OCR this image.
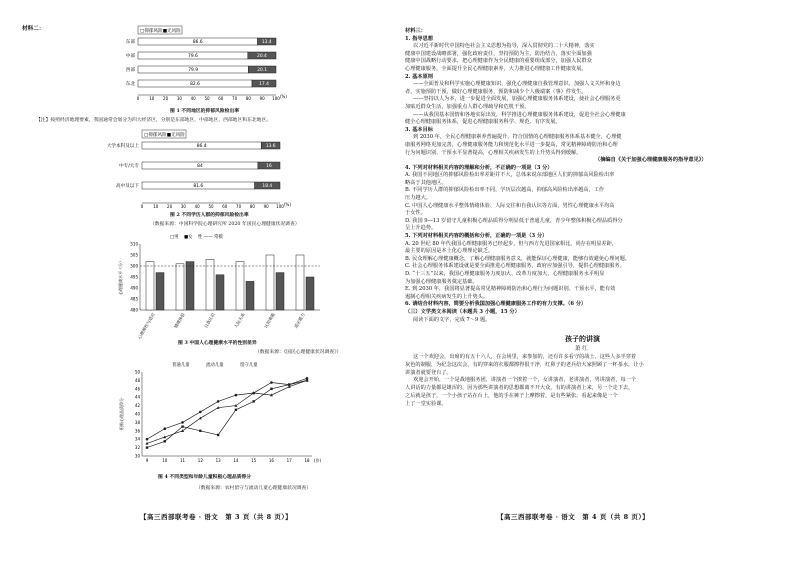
材料二：	□抑郁风险■无风险
东部	86.6	13.4
中部	79.6	20.4
西部	79.9	20.1
东北	82.6	17.4
0 10 20 30 40 50 60 70 80 90 100 (%)
图 1 不同地区的抑郁风险检出率
【注】按照经济地理要素，我国通常会划分为四大经济区，分别是东部地区、中部地区、西部地区和东北地区。
□抑郁风险■无风险
大学本科及以上	86.4	13.6
中专/大专	84	16
高中及以下	81.6	18.4
0 10 20 30 40 50 60 70 80 90 100 (%)
图 2 不同学历人群的抑郁风险检出率
（数据来源：中国科学院心理研究所 2020 年国民心理健康状况调查）
□男 ■女 性 —— 常模
480
485
490
495
500
505
510
心理健康水平（分）
心理弹性与适应	情绪体验	自我认识	人际关系	认知效能	适应能力
图 3 中国人心理健康水平的性别差异
（数据来源：《国民心理健康状况调查》）
普通儿童	流动儿童	留守儿童
30
32
34
36
38
40
42
44
46
48
50
积极心理品质得分
9	10	11	12	13	14	15	16	17	18 (岁)
图 4 不同类型和年龄儿童积极心理品质得分
（数据来源：农村留守与流动儿童心理健康状况调查）
【高三西部联考卷 · 语文　第 3 页（共 8 页）】
材料三：
1. 指导思想
以习近平新时代中国特色社会主义思想为指导，深入贯彻党的二十大精神，落实
健康中国建设战略部署，强化政府责任，坚持预防为主、防治结合，落实全面加强
健康中国战略行动要求，把心理健康作为全民健康的重要组成部分，加强人民群众
心理健康服务，全面提升全民心理健康素养，大力推进心理健康工作健康发展。
2. 基本原则
——全面普及和科学实施心理健康知识，强化心理健康自我管理意识，加强人文关怀和身边
者，实施预防干预，做好心理健康服务，预防和减少个人极端案（事）件发生。
——坚持以人为本，进一步促进全面发展，加强心理健康服务体系建设，使社会心理服务更
加贴近群众生活，加强重点人群心理疏导和危机干预。
——从我国基本国情和各地实际出发，科学推进心理健康服务体系建设，促进全社会心理健康
健全心理健康服务体系，促进心理健康服务科学、规范、有序发展。
3. 基本目标
到 2030 年，全民心理健康素养普遍提升，符合国情的心理健康服务体系基本健全，心理健
康服务网络更加完善，心理健康服务能力和规范化水平进一步提高，常见精神障碍防治和心理
行为问题识别、干预水平显著提高，心理相关疾病发生的上升势头得到缓解。
（摘编自《关于加强心理健康服务的指导意见》）
4. 下列对材料相关内容的理解和分析，不正确的一项是（3 分）
A. 我国不同地区的抑郁风险检出率差距并不大，总体来说东部地区人们的抑郁高风险检出率
略高于其他地区。
B. 不同学历人群的抑郁风险检出率不同，学历层次越高，抑郁高风险检出率越高，工作
压力越大。
C. 中国人心理健康水平整体情绪体验、人际交往和自我认识等方面，男性心理健康水平均高
于女性。
D. 我国 9—13 岁留守儿童积极心理品质得分明显低于普通儿童，青少年整体积极心理品质得分
呈上升趋势。
5. 下列对材料相关内容的概括和分析，正确的一项是（3 分）
A. 20 世纪 80 年代我国心理健康服务已经起步，但与西方先进国家相比，尚存在明显差距，
最主要的原因是本土化心理理论缺乏。
B. 民众理解心理健康概念，了解心理健康服务意义，就能保证心理健康，能够有效避免心理问题。
C. 社会心理服务体系建设就是要全面推进心理健康服务，政府应加强引导，提供心理健康服务。
D. “十三五”以来，我国心理健康服务力度加大、改革力度加大，心理健康服务水平明显
为加强心理健康服务奠定基础。
E. 到 2030 年，我国将显著提高常见精神障碍防治和心理行为问题识别、干预水平，能有效
遏制心理相关疾病发生的上升势头。
6. 请结合材料内容，简要分析我国加强心理健康服务工作的有力支撑。（6 分）
（三）文学类文本阅读（本题共 3 小题，15 分）
阅读下面的文字，完成 7～9 题。
孩子的讲演
萧 红
这一个欢迎会，出席的有五十六人，在会场里，来参加的，还有许多看守的战士，这些人多半穿着
灰色的制服，为纪念这次会，有的穿来的衣服都擦得很干净，红鼻子的老兵给大家照顾了一杯茶水，让小
讲演者就要登台了。
欢迎会开始，一个是战地服务团，讲演者一个挨着一个，女讲演者，老讲演者，男讲演者，每一个
人讲话的力量都是雄浑的，因为那些讲演者的思想都离不开大众，有的讲演者上来，另一个走下去，
之后就是孩子，一个小孩子站在台上，他的手在裤子上摩擦着，是有些紧张，看起来像是一个
上了一堂实验课。
【高三西部联考卷 · 语文　第 4 页（共 8 页）】
